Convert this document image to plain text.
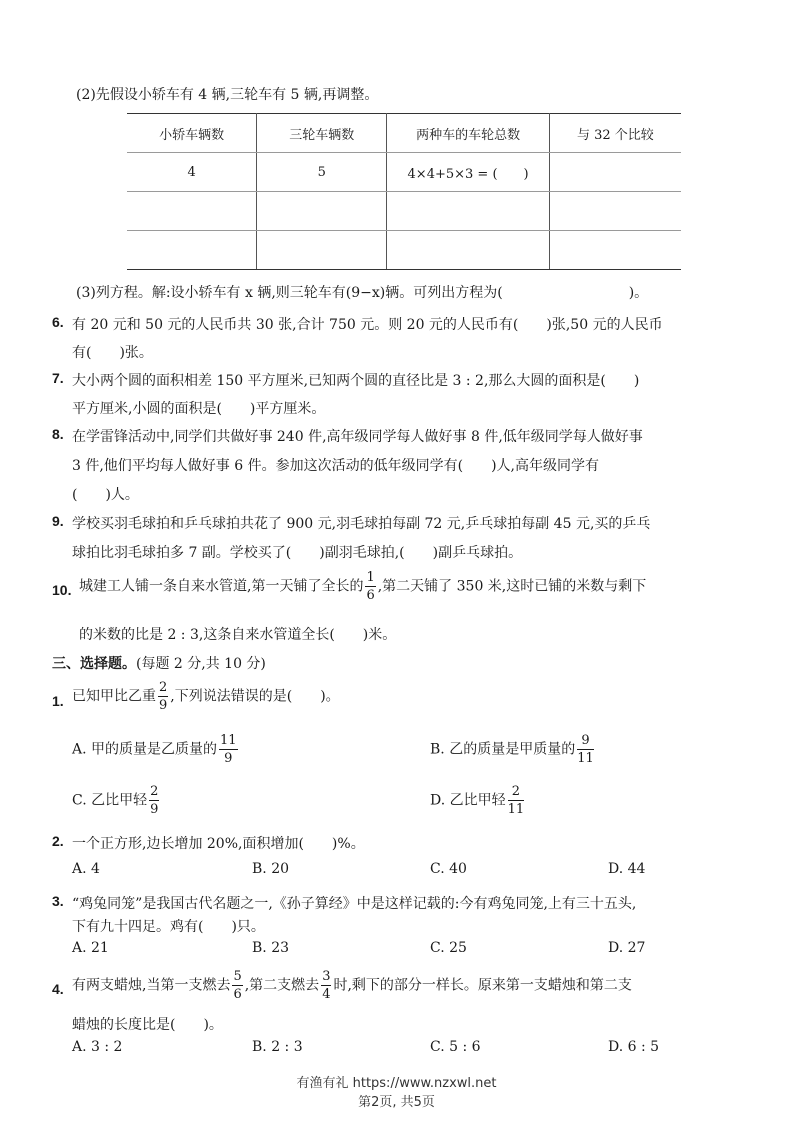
(2)先假设小轿车有 4 辆,三轮车有 5 辆,再调整。
小轿车辆数	三轮车辆数	两种车的车轮总数	与 32 个比较
4	5	4×4+5×3 = (　　)	

(3)列方程。解:设小轿车有 x 辆,则三轮车有(9−x)辆。可列出方程为(　　　　　　　　　)。
6. 有 20 元和 50 元的人民币共 30 张,合计 750 元。则 20 元的人民币有(　　)张,50 元的人民币
有(　　)张。
7. 大小两个圆的面积相差 150 平方厘米,已知两个圆的直径比是 3 : 2,那么大圆的面积是(　　)
平方厘米,小圆的面积是(　　)平方厘米。
8. 在学雷锋活动中,同学们共做好事 240 件,高年级同学每人做好事 8 件,低年级同学每人做好事
3 件,他们平均每人做好事 6 件。参加这次活动的低年级同学有(　　)人,高年级同学有
(　　)人。
9. 学校买羽毛球拍和乒乓球拍共花了 900 元,羽毛球拍每副 72 元,乒乓球拍每副 45 元,买的乒乓
球拍比羽毛球拍多 7 副。学校买了(　　)副羽毛球拍,(　　)副乒乓球拍。
10. 城建工人铺一条自来水管道,第一天铺了全长的 $\frac{1}{6}$ ,第二天铺了 350 米,这时已铺的米数与剩下
的米数的比是 2 : 3,这条自来水管道全长(　　)米。
三、选择题。(每题 2 分,共 10 分)
1. 已知甲比乙重 $\frac{2}{9}$ ,下列说法错误的是(　　)。
A. 甲的质量是乙质量的 $\frac{11}{9}$	B. 乙的质量是甲质量的 $\frac{9}{11}$
C. 乙比甲轻 $\frac{2}{9}$	D. 乙比甲轻 $\frac{2}{11}$
2. 一个正方形,边长增加 20%,面积增加(　　)%。
A. 4	B. 20	C. 40	D. 44
3. “鸡兔同笼”是我国古代名题之一,《孙子算经》中是这样记载的:今有鸡兔同笼,上有三十五头,
下有九十四足。鸡有(　　)只。
A. 21	B. 23	C. 25	D. 27
4. 有两支蜡烛,当第一支燃去 $\frac{5}{6}$ ,第二支燃去 $\frac{3}{4}$ 时,剩下的部分一样长。原来第一支蜡烛和第二支
蜡烛的长度比是(　　)。
A. 3 : 2	B. 2 : 3	C. 5 : 6	D. 6 : 5
有渔有礼 https://www.nzxwl.net
第2页, 共5页
